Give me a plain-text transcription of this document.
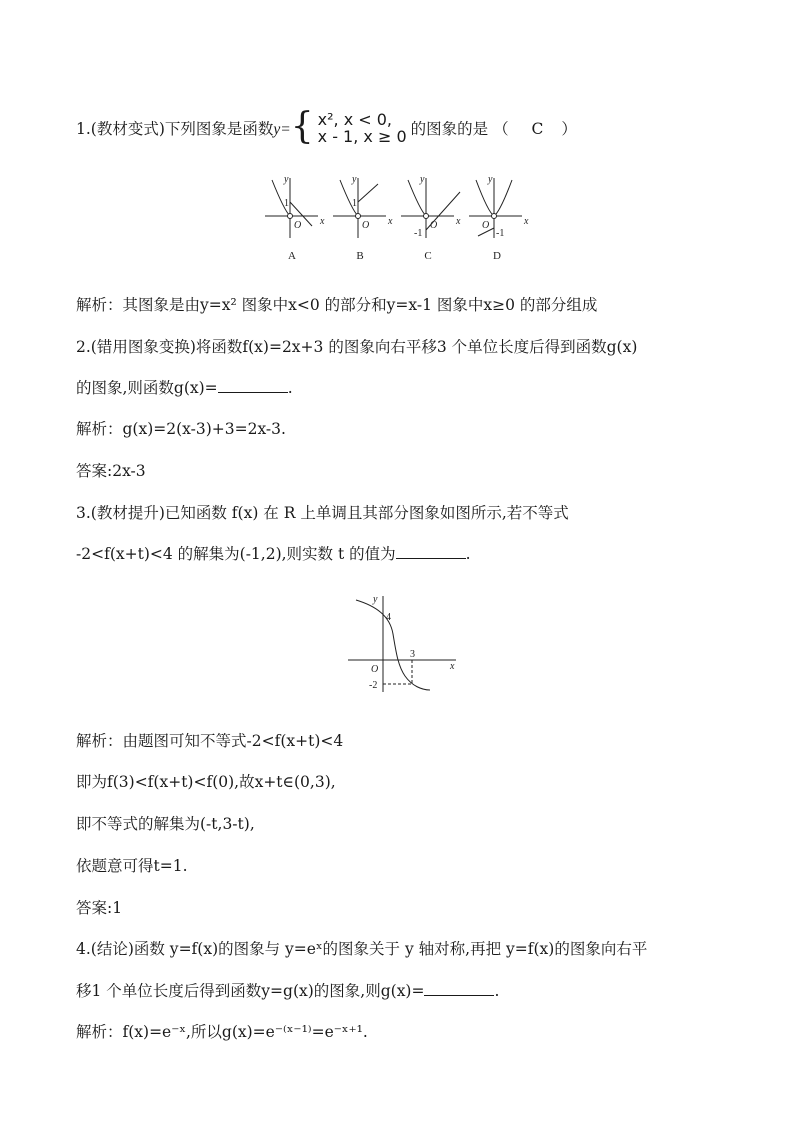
1.(教材变式)下列图象是函数y={ x², x < 0,
x - 1, x ≥ 0 的图象的是 （ C ）
y
x
O
1
y
x
O
1
y
x
O
-1
y
x
O
-1
A	B	C	D
解析：其图象是由y=x² 图象中x<0 的部分和y=x-1 图象中x≥0 的部分组成
2.(错用图象变换)将函数f(x)=2x+3 的图象向右平移3 个单位长度后得到函数g(x)
的图象,则函数g(x)=	.
解析：g(x)=2(x-3)+3=2x-3.
答案:2x-3
3.(教材提升)已知函数 f(x) 在 R 上单调且其部分图象如图所示,若不等式
-2<f(x+t)<4 的解集为(-1,2),则实数 t 的值为	.
y
x
O
4
3
-2
解析：由题图可知不等式-2<f(x+t)<4
即为f(3)<f(x+t)<f(0),故x+t∈(0,3),
即不等式的解集为(-t,3-t),
依题意可得t=1.
答案:1
4.(结论)函数 y=f(x)的图象与 y=eˣ的图象关于 y 轴对称,再把 y=f(x)的图象向右平
移1 个单位长度后得到函数y=g(x)的图象,则g(x)=	.
解析：f(x)=e⁻ˣ,所以g(x)=e⁻⁽ˣ⁻¹⁾=e⁻ˣ⁺¹.
